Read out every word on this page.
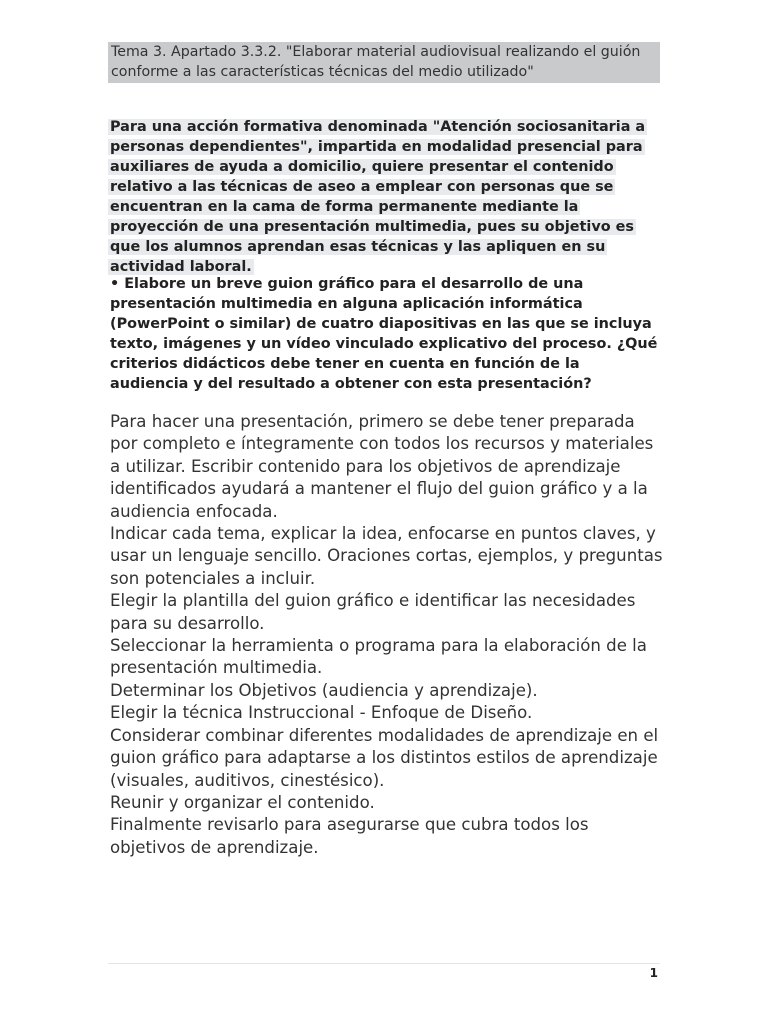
Tema 3. Apartado 3.3.2. "Elaborar material audiovisual realizando el guión conforme a las características técnicas del medio utilizado"
Para una acción formativa denominada "Atención sociosanitaria a personas dependientes", impartida en modalidad presencial para auxiliares de ayuda a domicilio, quiere presentar el contenido relativo a las técnicas de aseo a emplear con personas que se encuentran en la cama de forma permanente mediante la proyección de una presentación multimedia, pues su objetivo es que los alumnos aprendan esas técnicas y las apliquen en su actividad laboral.
• Elabore un breve guion gráfico para el desarrollo de una presentación multimedia en alguna aplicación informática (PowerPoint o similar) de cuatro diapositivas en las que se incluya texto, imágenes y un vídeo vinculado explicativo del proceso. ¿Qué criterios didácticos debe tener en cuenta en función de la audiencia y del resultado a obtener con esta presentación?

Para hacer una presentación, primero se debe tener preparada por completo e íntegramente con todos los recursos y materiales a utilizar. Escribir contenido para los objetivos de aprendizaje identificados ayudará a mantener el flujo del guion gráfico y a la audiencia enfocada.

Indicar cada tema, explicar la idea, enfocarse en puntos claves, y usar un lenguaje sencillo. Oraciones cortas, ejemplos, y preguntas son potenciales a incluir.

Elegir la plantilla del guion gráfico e identificar las necesidades para su desarrollo.

Seleccionar la herramienta o programa para la elaboración de la presentación multimedia.

Determinar los Objetivos (audiencia y aprendizaje).

Elegir la técnica Instruccional - Enfoque de Diseño.

Considerar combinar diferentes modalidades de aprendizaje en el guion gráfico para adaptarse a los distintos estilos de aprendizaje (visuales, auditivos, cinestésico).

Reunir y organizar el contenido.

Finalmente revisarlo para asegurarse que cubra todos los objetivos de aprendizaje.

1
